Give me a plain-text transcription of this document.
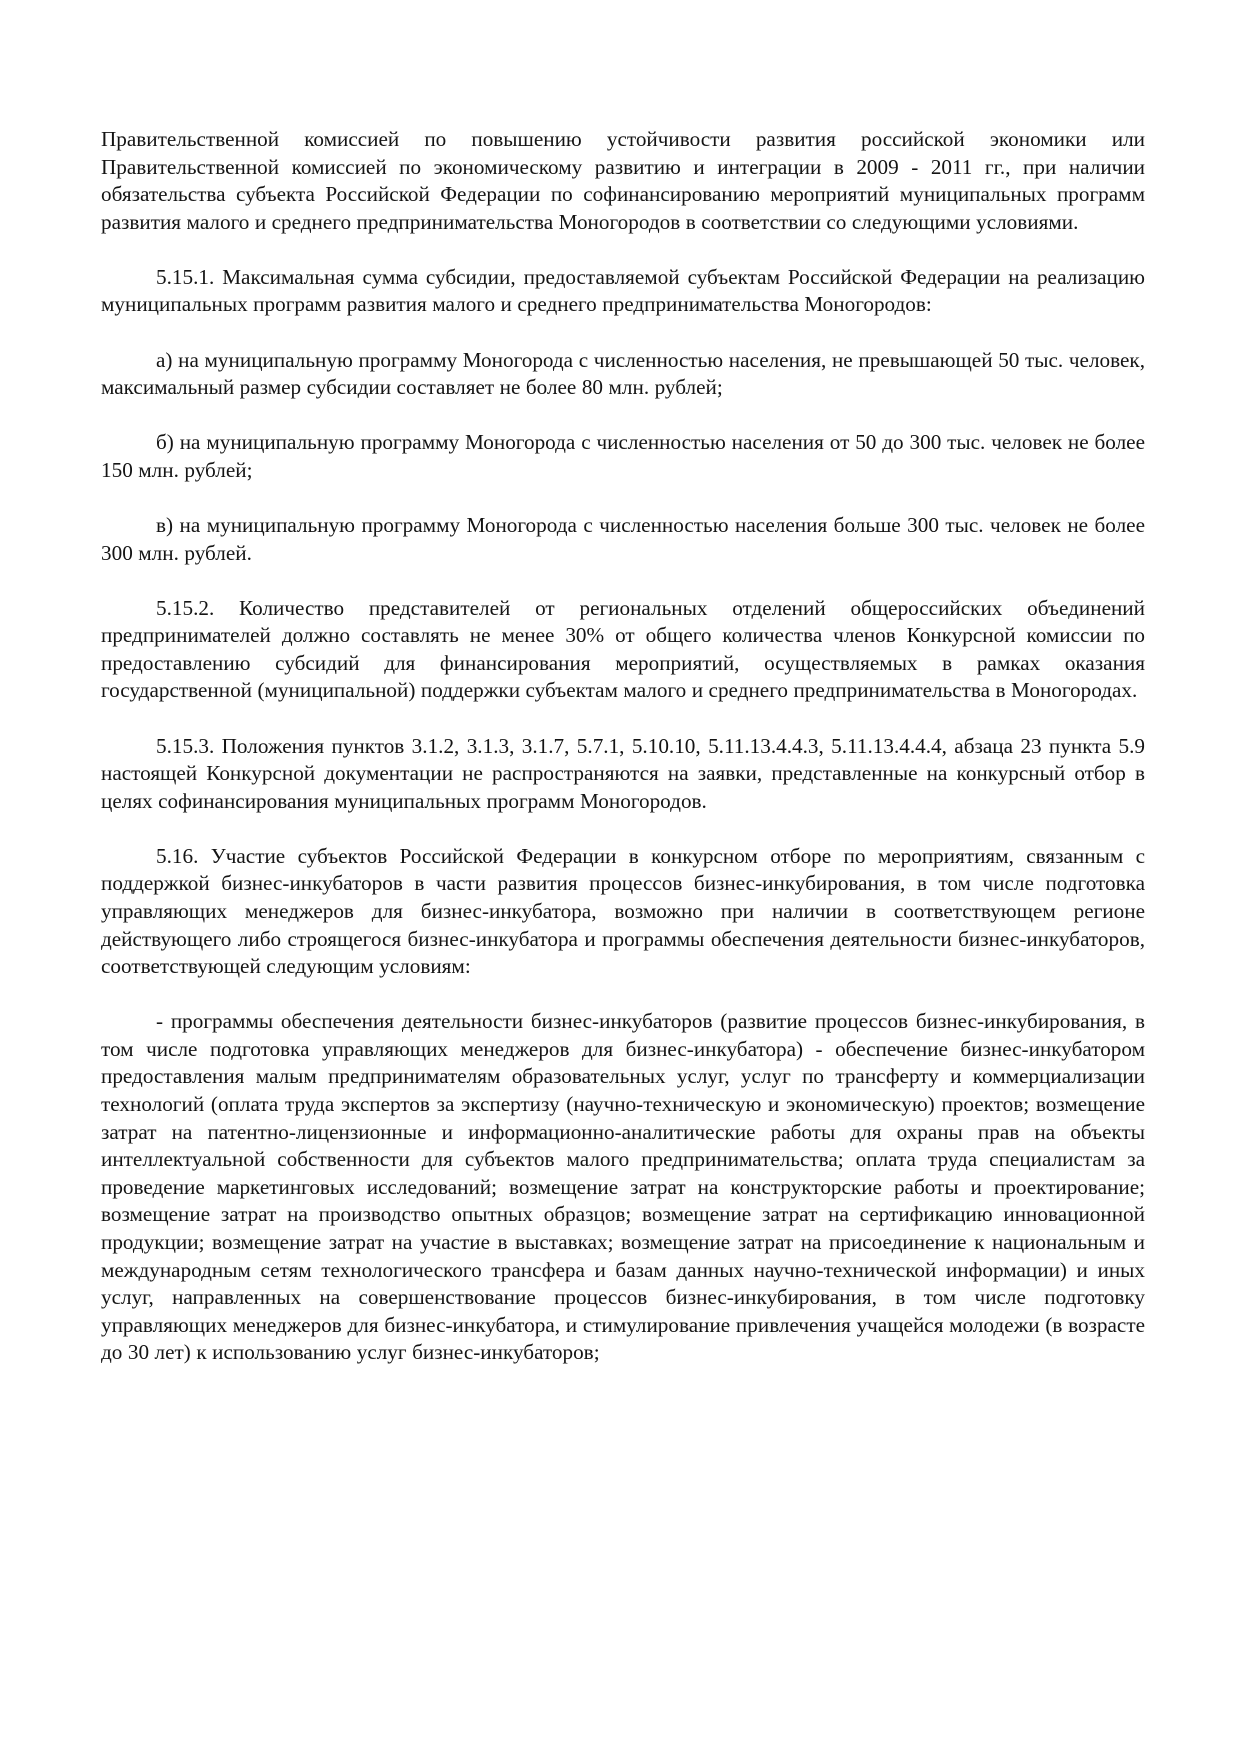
Правительственной комиссией по повышению устойчивости развития российской экономики или Правительственной комиссией по экономическому развитию и интеграции в 2009 - 2011 гг., при наличии обязательства субъекта Российской Федерации по софинансированию мероприятий муниципальных программ развития малого и среднего предпринимательства Моногородов в соответствии со следующими условиями.

5.15.1. Максимальная сумма субсидии, предоставляемой субъектам Российской Федерации на реализацию муниципальных программ развития малого и среднего предпринимательства Моногородов:

а) на муниципальную программу Моногорода с численностью населения, не превышающей 50 тыс. человек, максимальный размер субсидии составляет не более 80 млн. рублей;

б) на муниципальную программу Моногорода с численностью населения от 50 до 300 тыс. человек не более 150 млн. рублей;

в) на муниципальную программу Моногорода с численностью населения больше 300 тыс. человек не более 300 млн. рублей.

5.15.2. Количество представителей от региональных отделений общероссийских объединений предпринимателей должно составлять не менее 30% от общего количества членов Конкурсной комиссии по предоставлению субсидий для финансирования мероприятий, осуществляемых в рамках оказания государственной (муниципальной) поддержки субъектам малого и среднего предпринимательства в Моногородах.

5.15.3. Положения пунктов 3.1.2, 3.1.3, 3.1.7, 5.7.1, 5.10.10, 5.11.13.4.4.3, 5.11.13.4.4.4, абзаца 23 пункта 5.9 настоящей Конкурсной документации не распространяются на заявки, представленные на конкурсный отбор в целях софинансирования муниципальных программ Моногородов.

5.16. Участие субъектов Российской Федерации в конкурсном отборе по мероприятиям, связанным с поддержкой бизнес-инкубаторов в части развития процессов бизнес-инкубирования, в том числе подготовка управляющих менеджеров для бизнес-инкубатора, возможно при наличии в соответствующем регионе действующего либо строящегося бизнес-инкубатора и программы обеспечения деятельности бизнес-инкубаторов, соответствующей следующим условиям:

- программы обеспечения деятельности бизнес-инкубаторов (развитие процессов бизнес-инкубирования, в том числе подготовка управляющих менеджеров для бизнес-инкубатора) - обеспечение бизнес-инкубатором предоставления малым предпринимателям образовательных услуг, услуг по трансферту и коммерциализации технологий (оплата труда экспертов за экспертизу (научно-техническую и экономическую) проектов; возмещение затрат на патентно-лицензионные и информационно-аналитические работы для охраны прав на объекты интеллектуальной собственности для субъектов малого предпринимательства; оплата труда специалистам за проведение маркетинговых исследований; возмещение затрат на конструкторские работы и проектирование; возмещение затрат на производство опытных образцов; возмещение затрат на сертификацию инновационной продукции; возмещение затрат на участие в выставках; возмещение затрат на присоединение к национальным и международным сетям технологического трансфера и базам данных научно-технической информации) и иных услуг, направленных на совершенствование процессов бизнес-инкубирования, в том числе подготовку управляющих менеджеров для бизнес-инкубатора, и стимулирование привлечения учащейся молодежи (в возрасте до 30 лет) к использованию услуг бизнес-инкубаторов;
